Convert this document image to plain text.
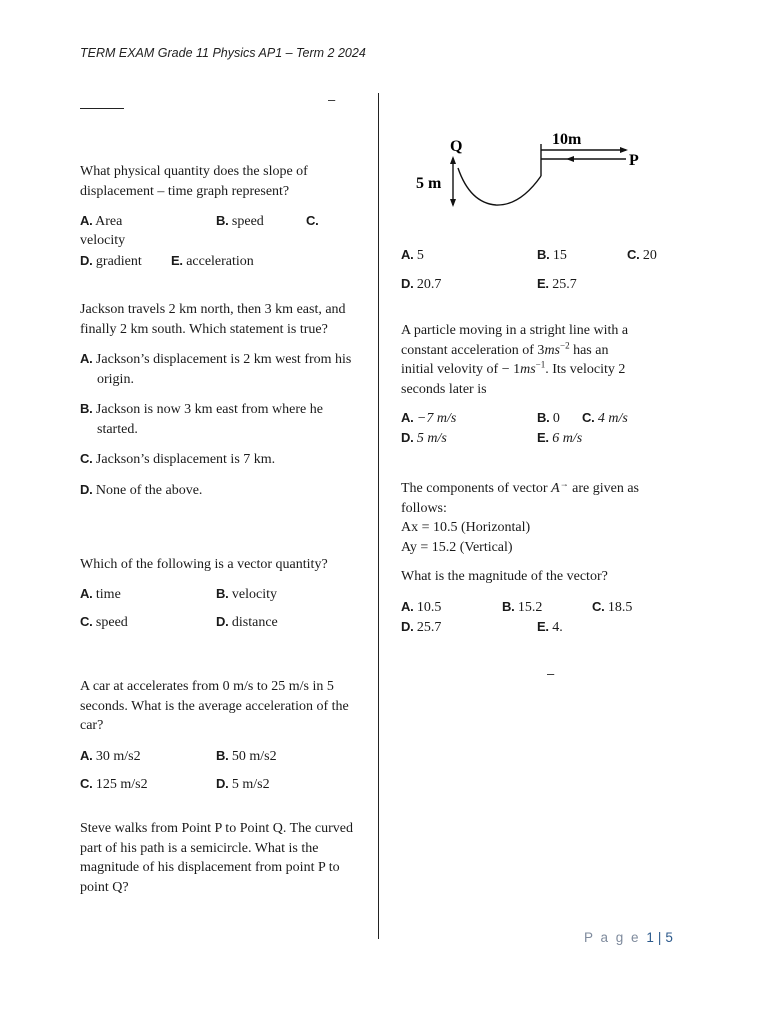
TERM EXAM Grade 11 Physics AP1 – Term 2 2024
–

What physical quantity does the slope of displacement – time graph represent?

A. Area	B. speed	C.
velocity
D. gradient E. acceleration

Jackson travels 2 km north, then 3 km east, and finally 2 km south. Which statement is true?

A. Jackson’s displacement is 2 km west from his
origin.
B. Jackson is now 3 km east from where he
started.
C. Jackson’s displacement is 7 km.
D. None of the above.

Which of the following is a vector quantity?

A. time	B. velocity
C. speed	D. distance

A car at accelerates from 0 m/s to 25 m/s in 5 seconds. What is the average acceleration of the car?

A. 30 m/s2	B. 50 m/s2
C. 125 m/s2	D. 5 m/s2

Steve walks from Point P to Point Q. The curved part of his path is a semicircle. What is the magnitude of his displacement from point P to point Q?

Q
P
5 m
10m
A. 5	B. 15	C. 20
D. 20.7	E. 25.7
A particle moving in a stright line with a
constant acceleration of $3ms^{-2}$ has an
initial velovity of − $1ms^{-1}$. Its velocity 2
seconds later is
A. −7 m/s	B. 0 C. 4 m/s
D. 5 m/s	E. 6 m/s
The components of vector A→ are given as
follows:
Ax = 10.5 (Horizontal)
Ay = 15.2 (Vertical)
What is the magnitude of the vector?
A. 10.5	B. 15.2	C. 18.5
D. 25.7	E. 4.
–
P a g e 1 | 5
